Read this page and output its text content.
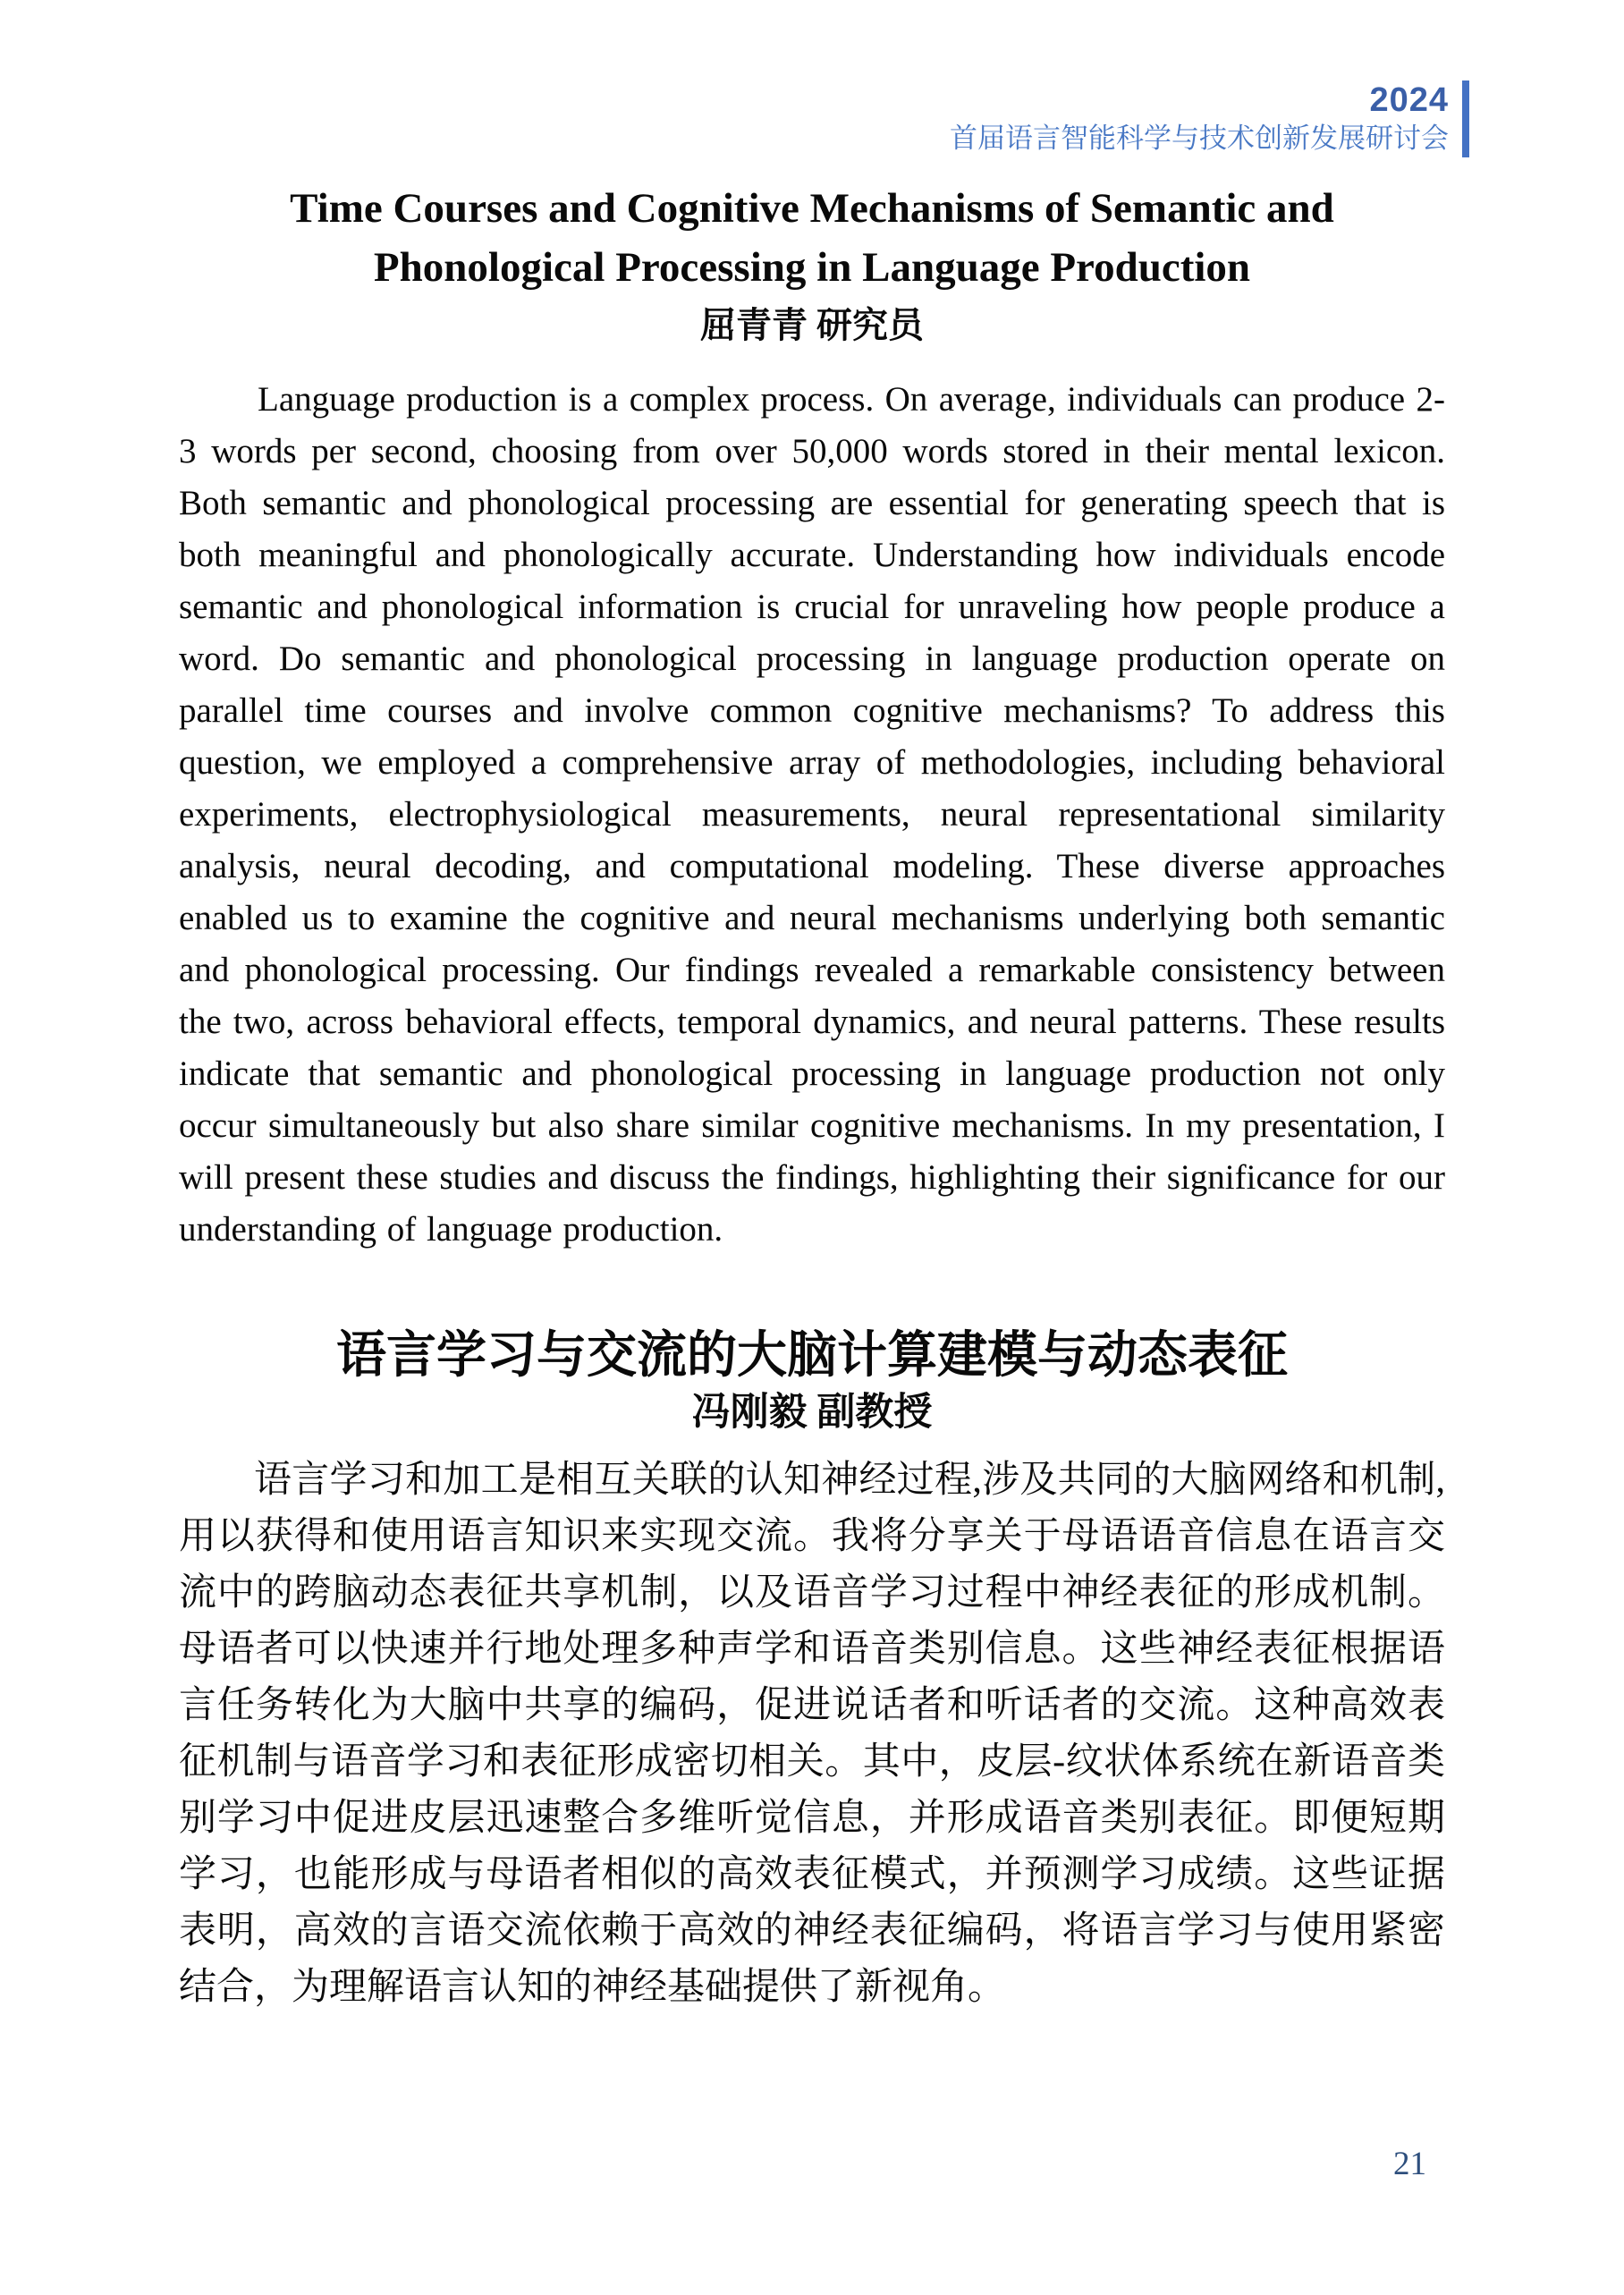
2024
首届语言智能科学与技术创新发展研讨会
Time Courses and Cognitive Mechanisms of Semantic and
Phonological Processing in Language Production
屈青青 研究员
Language production is a complex process. On average, individuals can produce 2-3 words per second, choosing from over 50,000 words stored in their mental lexicon. Both semantic and phonological processing are essential for generating speech that is both meaningful and phonologically accurate. Understanding how individuals encode semantic and phonological information is crucial for unraveling how people produce a word. Do semantic and phonological processing in language production operate on parallel time courses and involve common cognitive mechanisms? To address this question, we employed a comprehensive array of methodologies, including behavioral experiments, electrophysiological measurements, neural representational similarity analysis, neural decoding, and computational modeling. These diverse approaches enabled us to examine the cognitive and neural mechanisms underlying both semantic and phonological processing. Our findings revealed a remarkable consistency between the two, across behavioral effects, temporal dynamics, and neural patterns. These results indicate that semantic and phonological processing in language production not only occur simultaneously but also share similar cognitive mechanisms. In my presentation, I will present these studies and discuss the findings, highlighting their significance for our understanding of language production.
语言学习与交流的大脑计算建模与动态表征
冯刚毅 副教授
语言学习和加工是相互关联的认知神经过程,涉及共同的大脑网络和机制,用以获得和使用语言知识来实现交流。我将分享关于母语语音信息在语言交流中的跨脑动态表征共享机制，以及语音学习过程中神经表征的形成机制。母语者可以快速并行地处理多种声学和语音类别信息。这些神经表征根据语言任务转化为大脑中共享的编码，促进说话者和听话者的交流。这种高效表征机制与语音学习和表征形成密切相关。其中，皮层-纹状体系统在新语音类别学习中促进皮层迅速整合多维听觉信息，并形成语音类别表征。即便短期学习，也能形成与母语者相似的高效表征模式，并预测学习成绩。这些证据表明，高效的言语交流依赖于高效的神经表征编码，将语言学习与使用紧密结合，为理解语言认知的神经基础提供了新视角。
21
